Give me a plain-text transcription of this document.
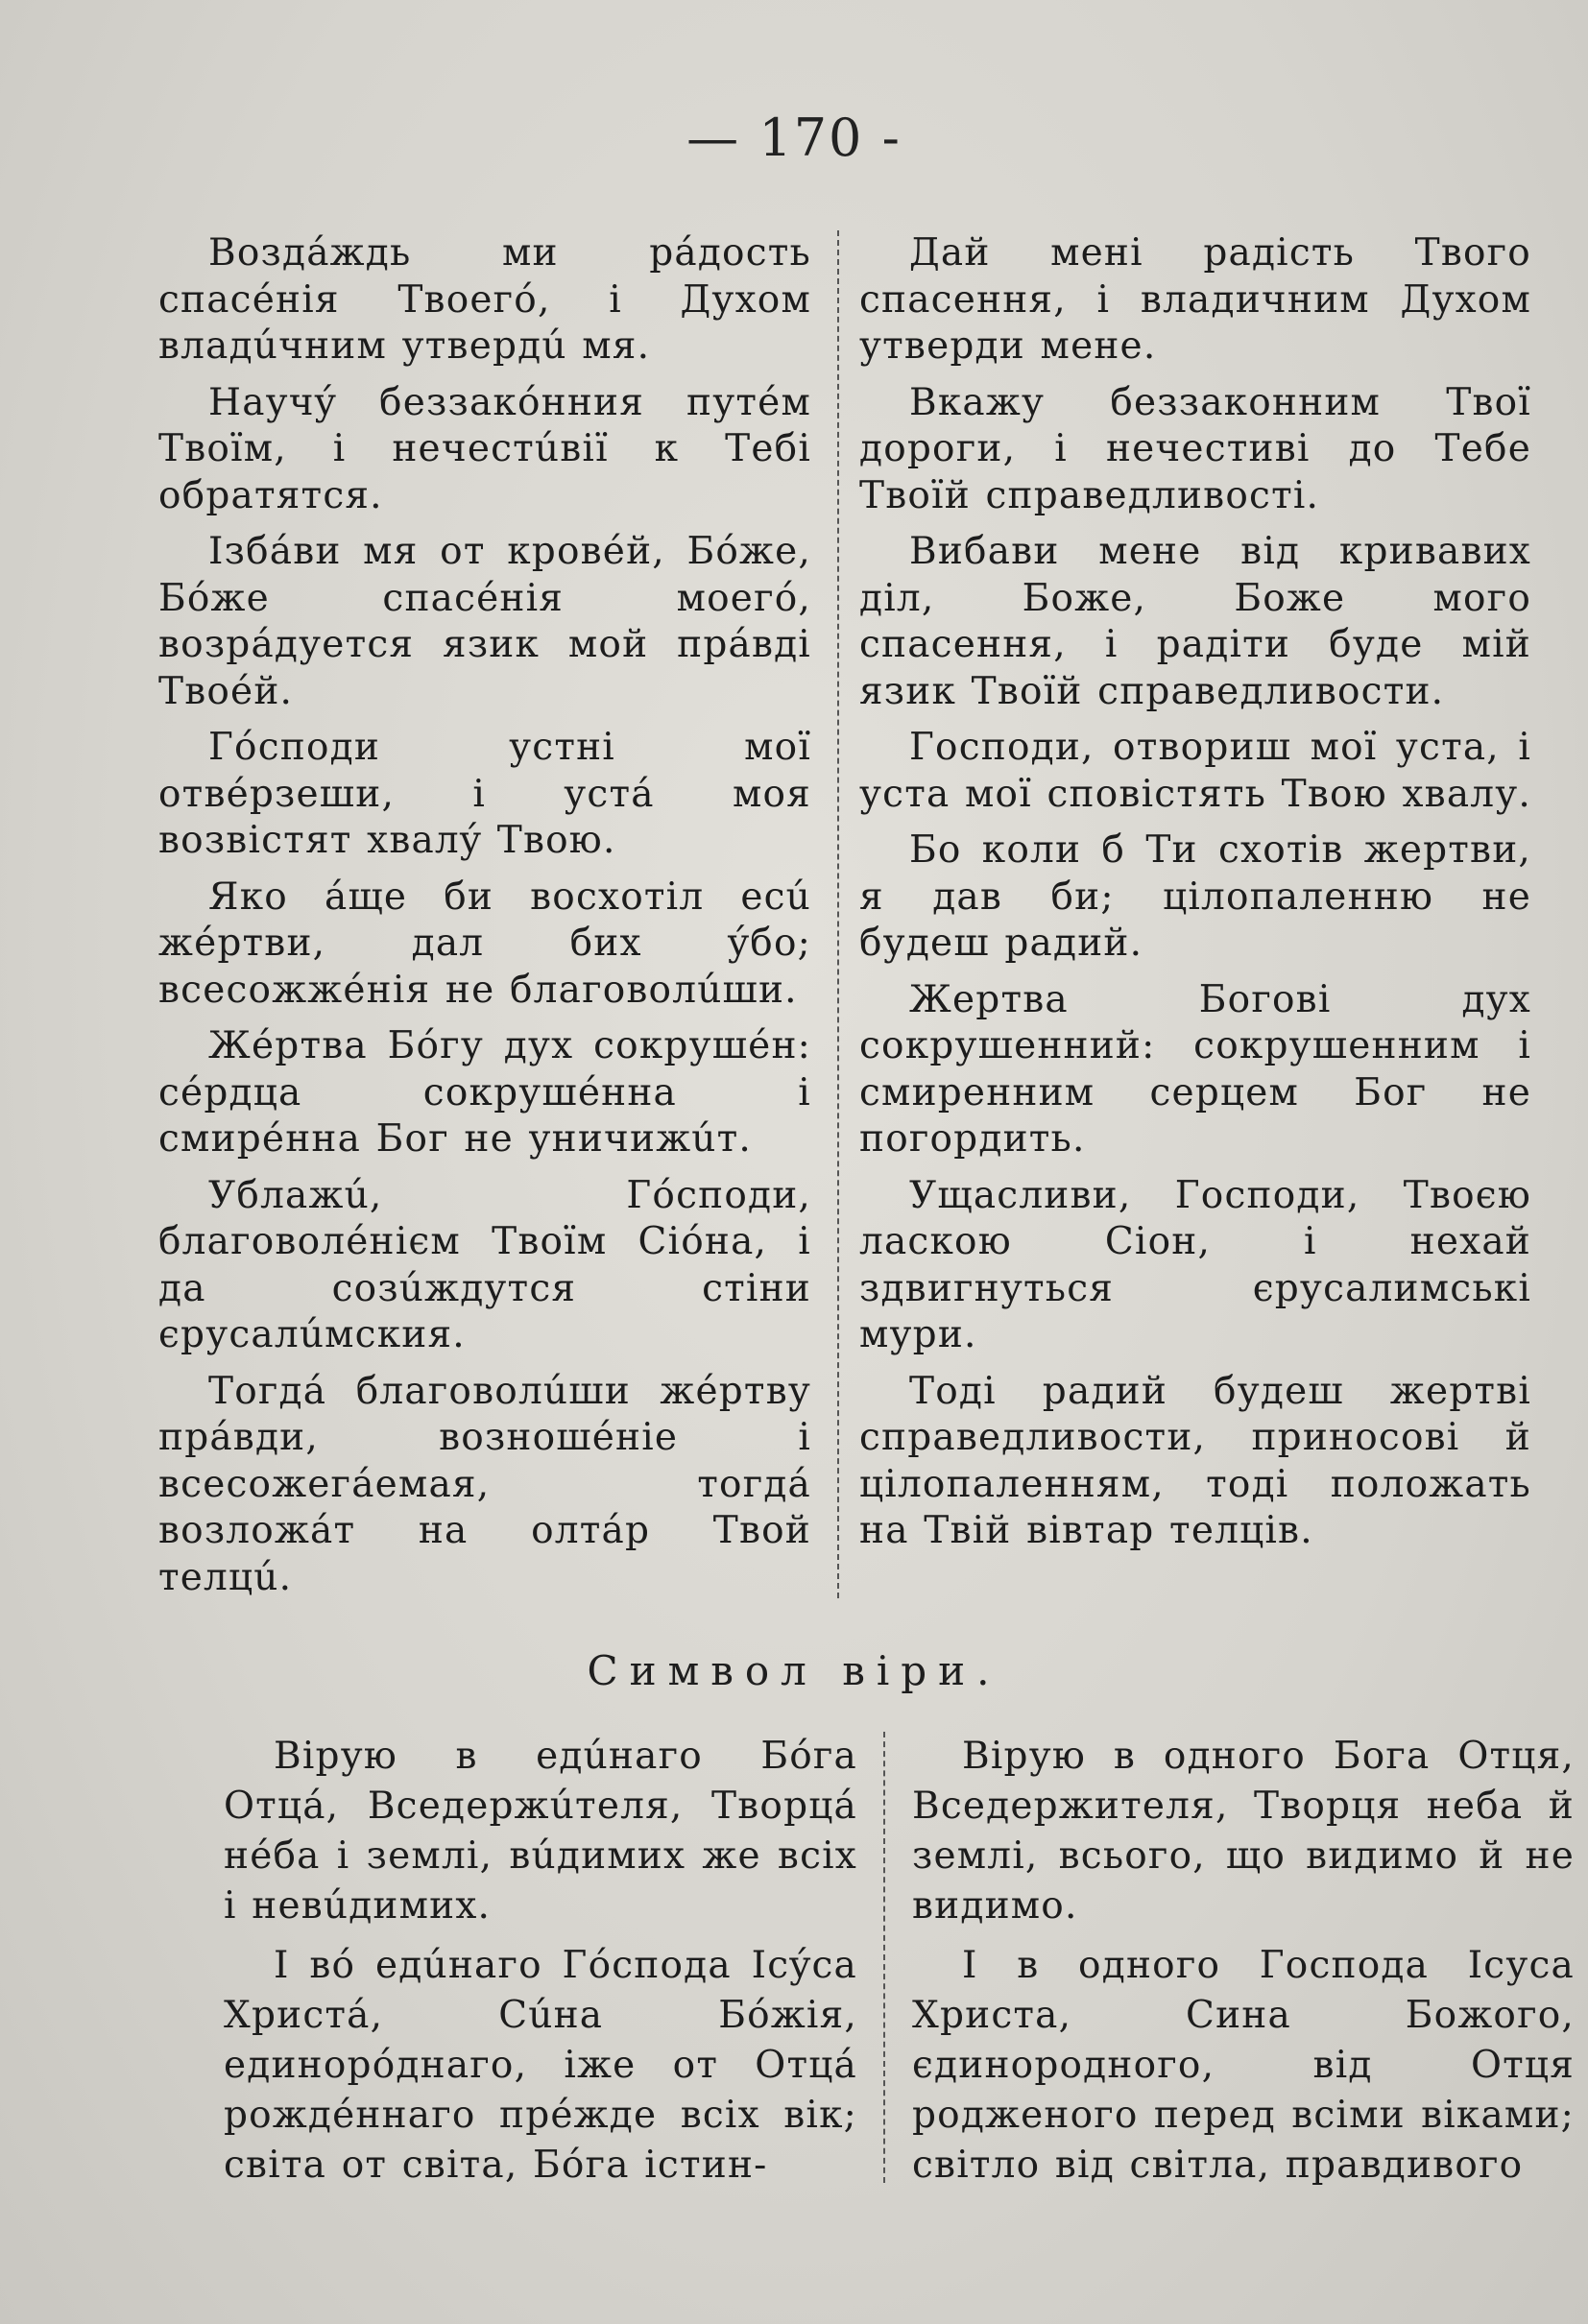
— 170 -

Воздáждь ми рáдость спасéнія Твоегó, і Духом владúчним утвердú мя.

Научý беззакóнния путéм Твоїм, і нечестúвії к Тебі обратятся.

Ізбáви мя от кровéй, Бóже, Бóже спасéнія моегó, возрáдуется язик мой прáвді Твоéй.

Гóсподи устні мої отвéрзеши, і устá моя возвістят хвалý Твою.

Яко áще би восхотіл есú жéртви, дал бих ýбо; всесожжéнія не благоволúши.

Жéртва Бóгу дух сокрушéн: сéрдца сокрушéнна і смирéнна Бог не уничижúт.

Ублажú, Гóсподи, благоволéнієм Твоїм Сіóна, і да созúждутся стіни єрусалúмския.

Тогдá благоволúши жéртву прáвди, возношéніе і всесожегáемая, тогдá возложáт на олтáр Твой телцú.

Дай мені радість Твого спасення, і владичним Духом утверди мене.

Вкажу беззаконним Твої дороги, і нечестиві до Тебе Твоїй справедливості.

Вибави мене від кривавих діл, Боже, Боже мого спасення, і радіти буде мій язик Твоїй справедливости.

Господи, отвориш мої уста, і уста мої сповістять Твою хвалу.

Бо коли б Ти схотів жертви, я дав би; цілопаленню не будеш радий.

Жертва Богові дух сокрушенний: сокрушенним і смиренним серцем Бог не погордить.

Ущасливи, Господи, Твоєю ласкою Сіон, і нехай здвигнуться єрусалимські мури.

Тоді радий будеш жертві справедливости, приносові й цілопаленням, тоді положать на Твій вівтар телців.

Символ віри.

Вірую в едúнаго Бóга Отцá, Вседержúтеля, Творцá нéба і землі, вúдимих же всіх і невúдимих.

І вó едúнаго Гóспода Ісýса Христá, Сúна Бóжія, единорóднаго, іже от Отцá рождéннаго прéжде всіх вік; світа от світа, Бóга істин-

Вірую в одного Бога Отця, Вседержителя, Творця неба й землі, всього, що видимо й не видимо.

І в одного Господа Ісуса Христа, Сина Божого, єдинородного, від Отця родженого перед всіми віками; світло від світла, правдивого
